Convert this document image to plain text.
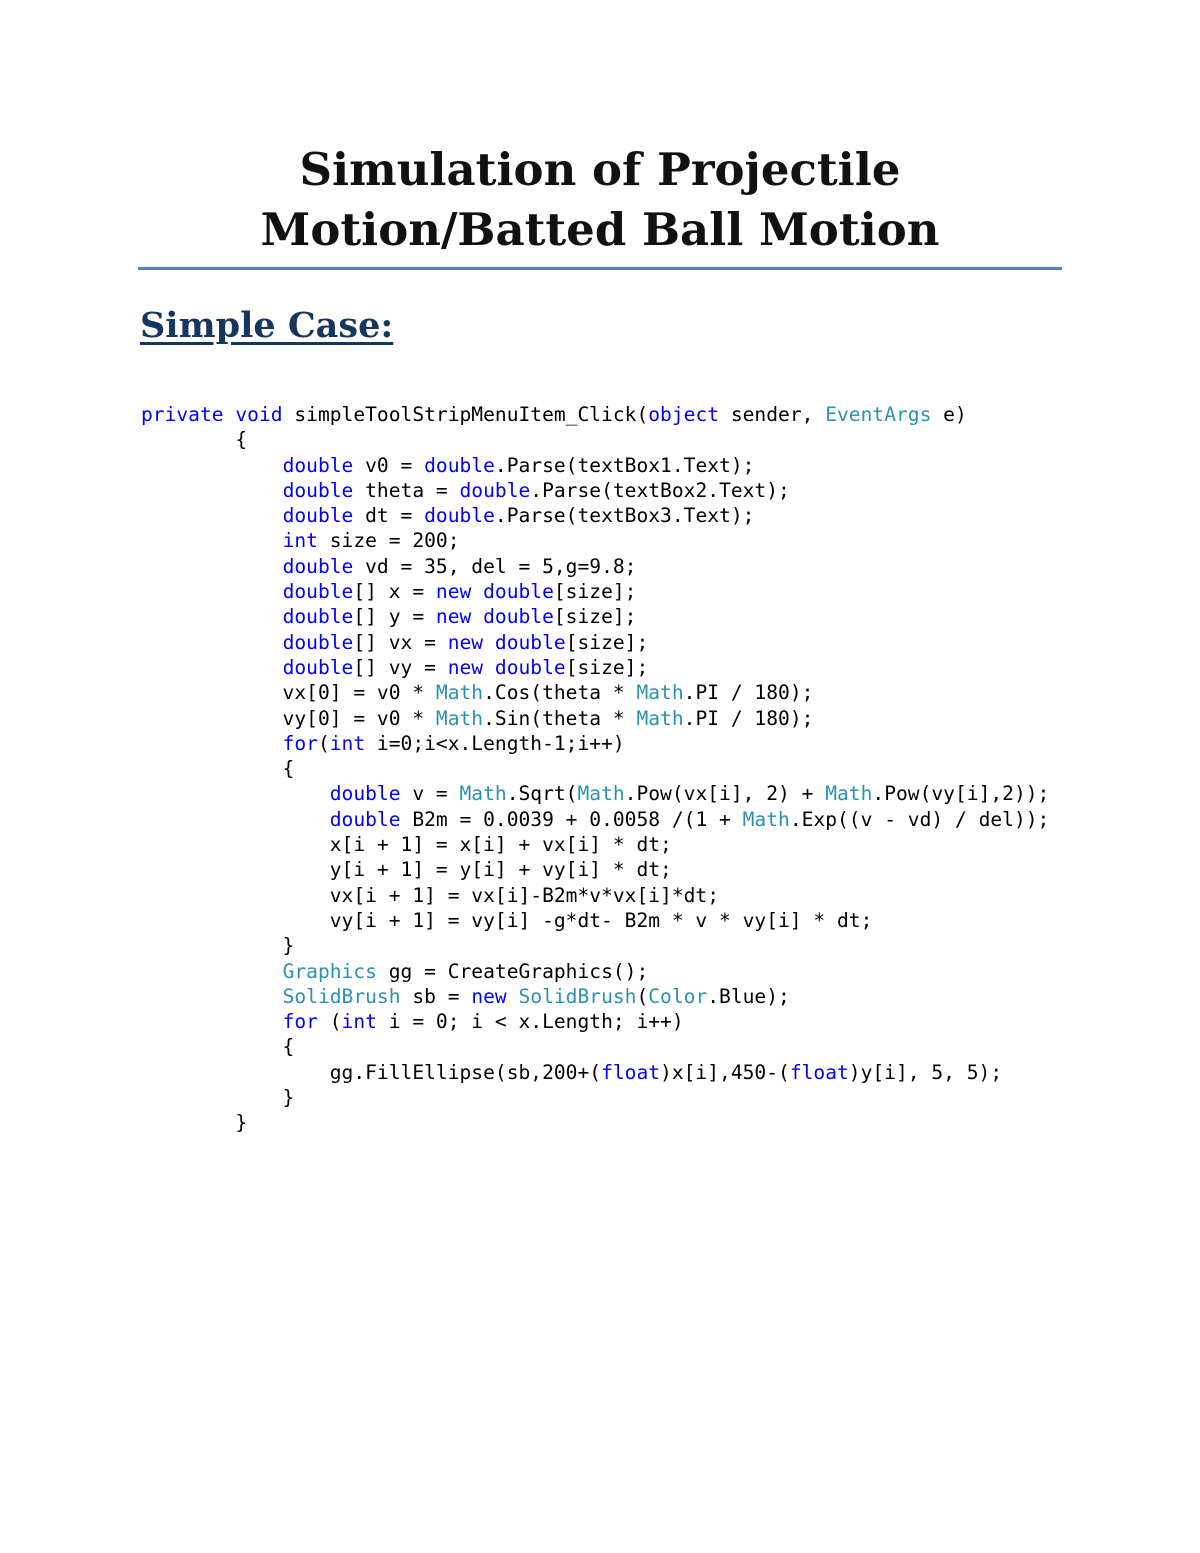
Simulation of Projectile
Motion/Batted Ball Motion
Simple Case:
private void simpleToolStripMenuItem_Click(object sender, EventArgs e)
{
double v0 = double.Parse(textBox1.Text);
double theta = double.Parse(textBox2.Text);
double dt = double.Parse(textBox3.Text);
int size = 200;
double vd = 35, del = 5,g=9.8;
double[] x = new double[size];
double[] y = new double[size];
double[] vx = new double[size];
double[] vy = new double[size];
vx[0] = v0 * Math.Cos(theta * Math.PI / 180);
vy[0] = v0 * Math.Sin(theta * Math.PI / 180);
for(int i=0;i<x.Length-1;i++)
{
double v = Math.Sqrt(Math.Pow(vx[i], 2) + Math.Pow(vy[i],2));
double B2m = 0.0039 + 0.0058 /(1 + Math.Exp((v - vd) / del));
x[i + 1] = x[i] + vx[i] * dt;
y[i + 1] = y[i] + vy[i] * dt;
vx[i + 1] = vx[i]-B2m*v*vx[i]*dt;
vy[i + 1] = vy[i] -g*dt- B2m * v * vy[i] * dt;
}
Graphics gg = CreateGraphics();
SolidBrush sb = new SolidBrush(Color.Blue);
for (int i = 0; i < x.Length; i++)
{
gg.FillEllipse(sb,200+(float)x[i],450-(float)y[i], 5, 5);
}
}
